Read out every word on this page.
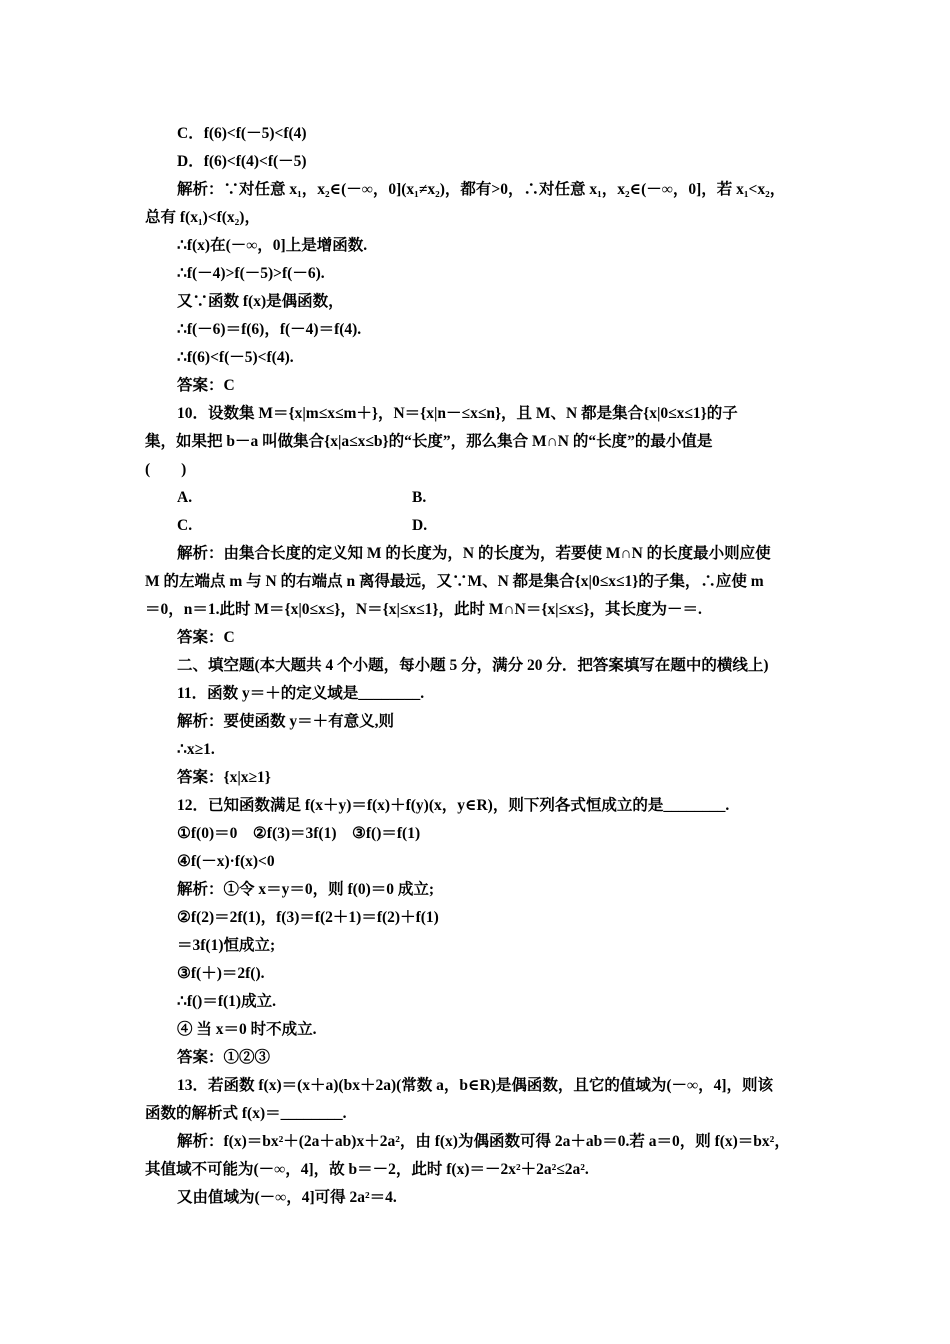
C．f(6)<f(－5)<f(4)
D．f(6)<f(4)<f(－5)
解析：∵对任意 x₁，x₂∈(－∞，0](x₁≠x₂)，都有>0，∴对任意 x₁，x₂∈(－∞，0]，若 x₁<x₂，
总有 f(x₁)<f(x₂)，
∴f(x)在(－∞，0]上是增函数.
∴f(－4)>f(－5)>f(－6).
又∵函数 f(x)是偶函数，
∴f(－6)＝f(6)，f(－4)＝f(4).
∴f(6)<f(－5)<f(4).
答案：C
10．设数集 M＝{x|m≤x≤m＋}，N＝{x|n－≤x≤n}，且 M、N 都是集合{x|0≤x≤1}的子
集，如果把 b－a 叫做集合{x|a≤x≤b}的“长度”，那么集合 M∩N 的“长度”的最小值是
(　　)
A.	B.
C.	D.
解析：由集合长度的定义知 M 的长度为，N 的长度为，若要使 M∩N 的长度最小则应使
M 的左端点 m 与 N 的右端点 n 离得最远，又∵M、N 都是集合{x|0≤x≤1}的子集，∴应使 m
＝0，n＝1.此时 M＝{x|0≤x≤}，N＝{x|≤x≤1}，此时 M∩N＝{x|≤x≤}，其长度为－＝.
答案：C
二、填空题(本大题共 4 个小题，每小题 5 分，满分 20 分．把答案填写在题中的横线上)
11．函数 y＝＋的定义域是________.
解析：要使函数 y＝＋有意义,则
∴x≥1.
答案：{x|x≥1}
12．已知函数满足 f(x＋y)＝f(x)＋f(y)(x，y∈R)，则下列各式恒成立的是________.
①f(0)＝0　②f(3)＝3f(1)　③f()＝f(1)
④f(－x)·f(x)<0
解析：①令 x＝y＝0，则 f(0)＝0 成立;
②f(2)＝2f(1)，f(3)＝f(2＋1)＝f(2)＋f(1)
＝3f(1)恒成立;
③f(＋)＝2f().
∴f()＝f(1)成立.
④ 当 x＝0 时不成立.
答案：①②③
13．若函数 f(x)＝(x＋a)(bx＋2a)(常数 a，b∈R)是偶函数，且它的值域为(－∞，4]，则该
函数的解析式 f(x)＝________.
解析：f(x)＝bx²＋(2a＋ab)x＋2a²，由 f(x)为偶函数可得 2a＋ab＝0.若 a＝0，则 f(x)＝bx²，
其值域不可能为(－∞，4]，故 b＝－2，此时 f(x)＝－2x²＋2a²≤2a².
又由值域为(－∞，4]可得 2a²＝4.
